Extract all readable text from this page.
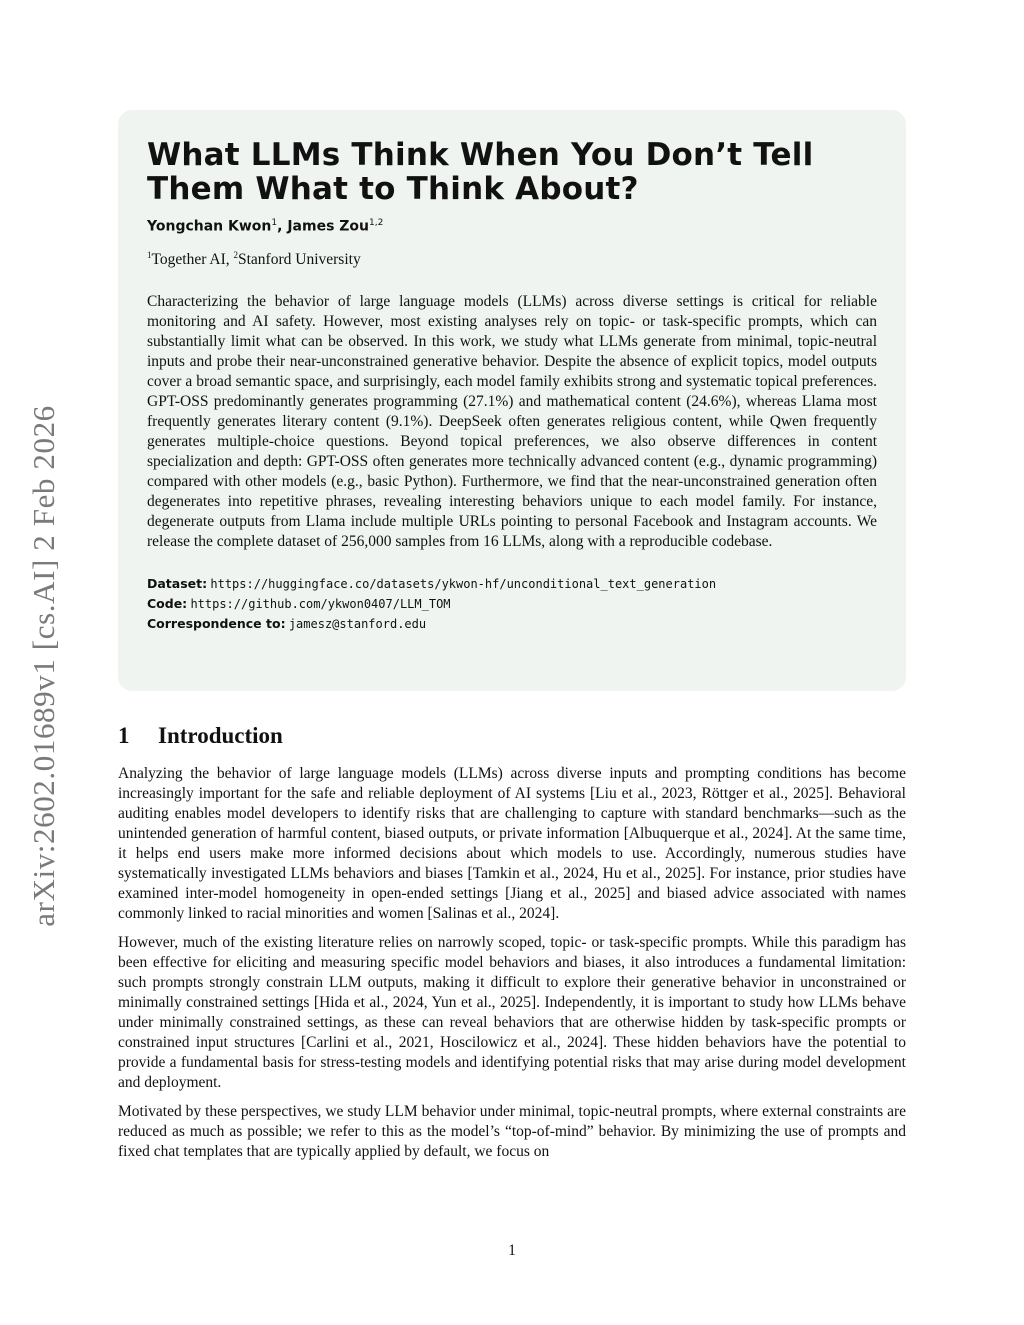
arXiv:2602.01689v1 [cs.AI] 2 Feb 2026
What LLMs Think When You Don’t Tell Them What to Think About?
Yongchan Kwon$^1$, James Zou$^{1,2}$
$^1$Together AI, $^2$Stanford University
Characterizing the behavior of large language models (LLMs) across diverse settings is critical for reliable monitoring and AI safety. However, most existing analyses rely on topic- or task-specific prompts, which can substantially limit what can be observed. In this work, we study what LLMs generate from minimal, topic-neutral inputs and probe their near-unconstrained generative behavior. Despite the absence of explicit topics, model outputs cover a broad semantic space, and surprisingly, each model family exhibits strong and systematic topical preferences. GPT-OSS predominantly generates programming (27.1%) and mathematical content (24.6%), whereas Llama most frequently generates literary content (9.1%). DeepSeek often generates religious content, while Qwen frequently generates multiple-choice questions. Beyond topical preferences, we also observe differences in content specialization and depth: GPT-OSS often generates more technically advanced content (e.g., dynamic programming) compared with other models (e.g., basic Python). Furthermore, we find that the near-unconstrained generation often degenerates into repetitive phrases, revealing interesting behaviors unique to each model family. For instance, degenerate outputs from Llama include multiple URLs pointing to personal Facebook and Instagram accounts. We release the complete dataset of 256,000 samples from 16 LLMs, along with a reproducible codebase.
Dataset: https://huggingface.co/datasets/ykwon-hf/unconditional_text_generation
Code: https://github.com/ykwon0407/LLM_TOM
Correspondence to: jamesz@stanford.edu
1 Introduction

Analyzing the behavior of large language models (LLMs) across diverse inputs and prompting conditions has become increasingly important for the safe and reliable deployment of AI systems [Liu et al., 2023, Röttger et al., 2025]. Behavioral auditing enables model developers to identify risks that are challenging to capture with standard benchmarks—such as the unintended generation of harmful content, biased outputs, or private information [Albuquerque et al., 2024]. At the same time, it helps end users make more informed decisions about which models to use. Accordingly, numerous studies have systematically investigated LLMs behaviors and biases [Tamkin et al., 2024, Hu et al., 2025]. For instance, prior studies have examined inter-model homogeneity in open-ended settings [Jiang et al., 2025] and biased advice associated with names commonly linked to racial minorities and women [Salinas et al., 2024].

However, much of the existing literature relies on narrowly scoped, topic- or task-specific prompts. While this paradigm has been effective for eliciting and measuring specific model behaviors and biases, it also introduces a fundamental limitation: such prompts strongly constrain LLM outputs, making it difficult to explore their generative behavior in unconstrained or minimally constrained settings [Hida et al., 2024, Yun et al., 2025]. Independently, it is important to study how LLMs behave under minimally constrained settings, as these can reveal behaviors that are otherwise hidden by task-specific prompts or constrained input structures [Carlini et al., 2021, Hoscilowicz et al., 2024]. These hidden behaviors have the potential to provide a fundamental basis for stress-testing models and identifying potential risks that may arise during model development and deployment.

Motivated by these perspectives, we study LLM behavior under minimal, topic-neutral prompts, where external constraints are reduced as much as possible; we refer to this as the model’s “top-of-mind” behavior. By minimizing the use of prompts and fixed chat templates that are typically applied by default, we focus on

1
